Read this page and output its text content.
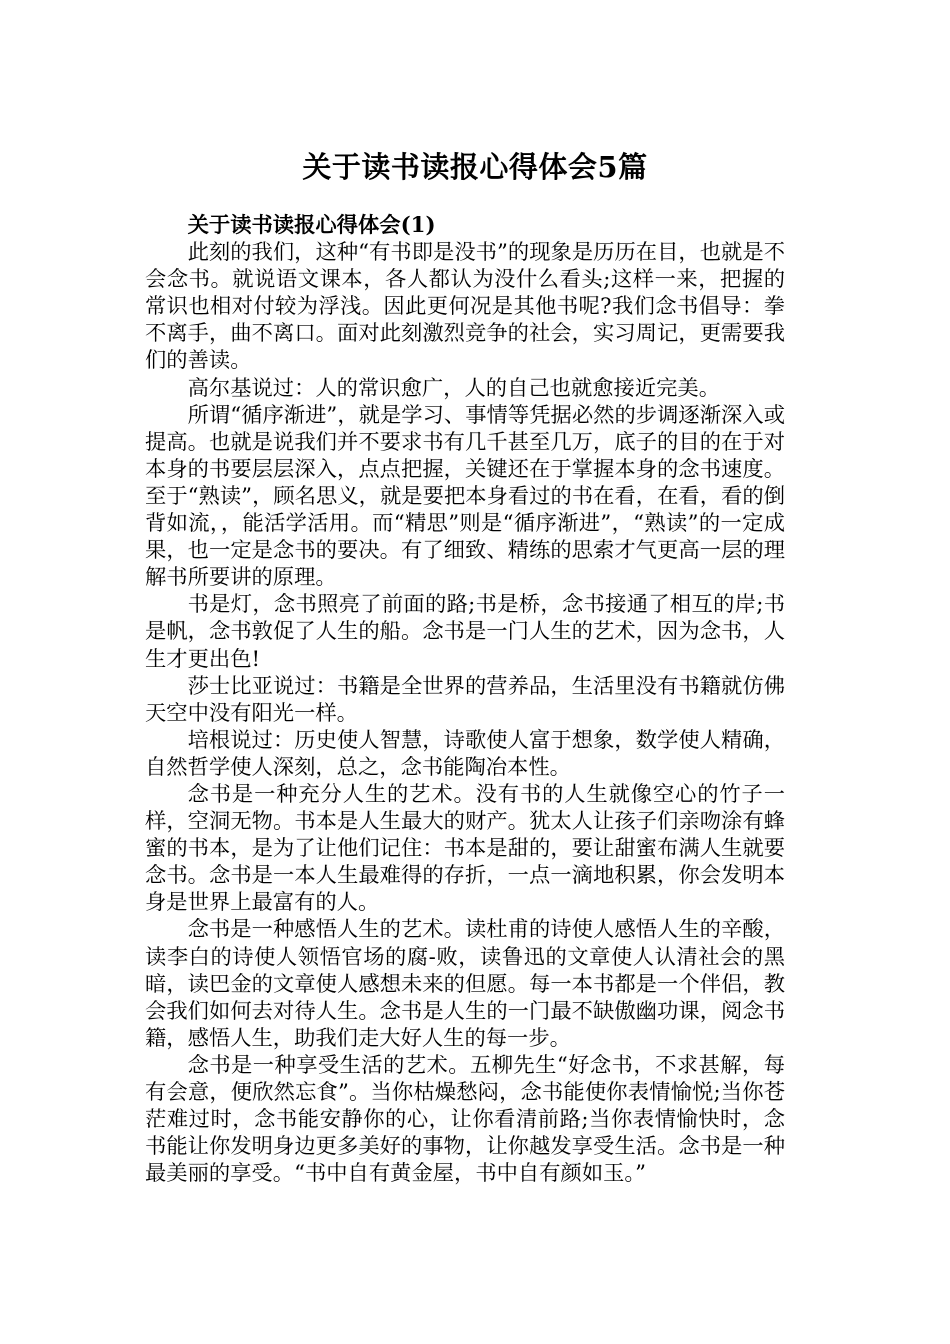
关于读书读报心得体会5篇

关于读书读报心得体会(1)

此刻的我们，这种“有书即是没书”的现象是历历在目，也就是不会念书。就说语文课本，各人都认为没什么看头;这样一来，把握的常识也相对付较为浮浅。因此更何况是其他书呢?我们念书倡导：拳不离手，曲不离口。面对此刻激烈竞争的社会，实习周记，更需要我们的善读。

高尔基说过：人的常识愈广，人的自己也就愈接近完美。

所谓“循序渐进”，就是学习、事情等凭据必然的步调逐渐深入或提高。也就是说我们并不要求书有几千甚至几万，底子的目的在于对本身的书要层层深入，点点把握，关键还在于掌握本身的念书速度。至于“熟读”，顾名思义，就是要把本身看过的书在看，在看，看的倒背如流，，能活学活用。而“精思”则是“循序渐进”，“熟读”的一定成果，也一定是念书的要决。有了细致、精练的思索才气更高一层的理解书所要讲的原理。

书是灯，念书照亮了前面的路;书是桥，念书接通了相互的岸;书是帆，念书敦促了人生的船。念书是一门人生的艺术，因为念书，人生才更出色!

莎士比亚说过：书籍是全世界的营养品，生活里没有书籍就仿佛天空中没有阳光一样。

培根说过：历史使人智慧，诗歌使人富于想象，数学使人精确，自然哲学使人深刻，总之，念书能陶冶本性。

念书是一种充分人生的艺术。没有书的人生就像空心的竹子一样，空洞无物。书本是人生最大的财产。犹太人让孩子们亲吻涂有蜂蜜的书本，是为了让他们记住：书本是甜的，要让甜蜜布满人生就要念书。念书是一本人生最难得的存折，一点一滴地积累，你会发明本身是世界上最富有的人。

念书是一种感悟人生的艺术。读杜甫的诗使人感悟人生的辛酸，读李白的诗使人领悟官场的腐-败，读鲁迅的文章使人认清社会的黑暗，读巴金的文章使人感想未来的但愿。每一本书都是一个伴侣，教会我们如何去对待人生。念书是人生的一门最不缺傲幽功课，阅念书籍，感悟人生，助我们走大好人生的每一步。

念书是一种享受生活的艺术。五柳先生“好念书，不求甚解，每有会意，便欣然忘食”。当你枯燥愁闷，念书能使你表情愉悦;当你苍茫难过时，念书能安静你的心，让你看清前路;当你表情愉快时，念书能让你发明身边更多美好的事物，让你越发享受生活。念书是一种最美丽的享受。“书中自有黄金屋，书中自有颜如玉。”
